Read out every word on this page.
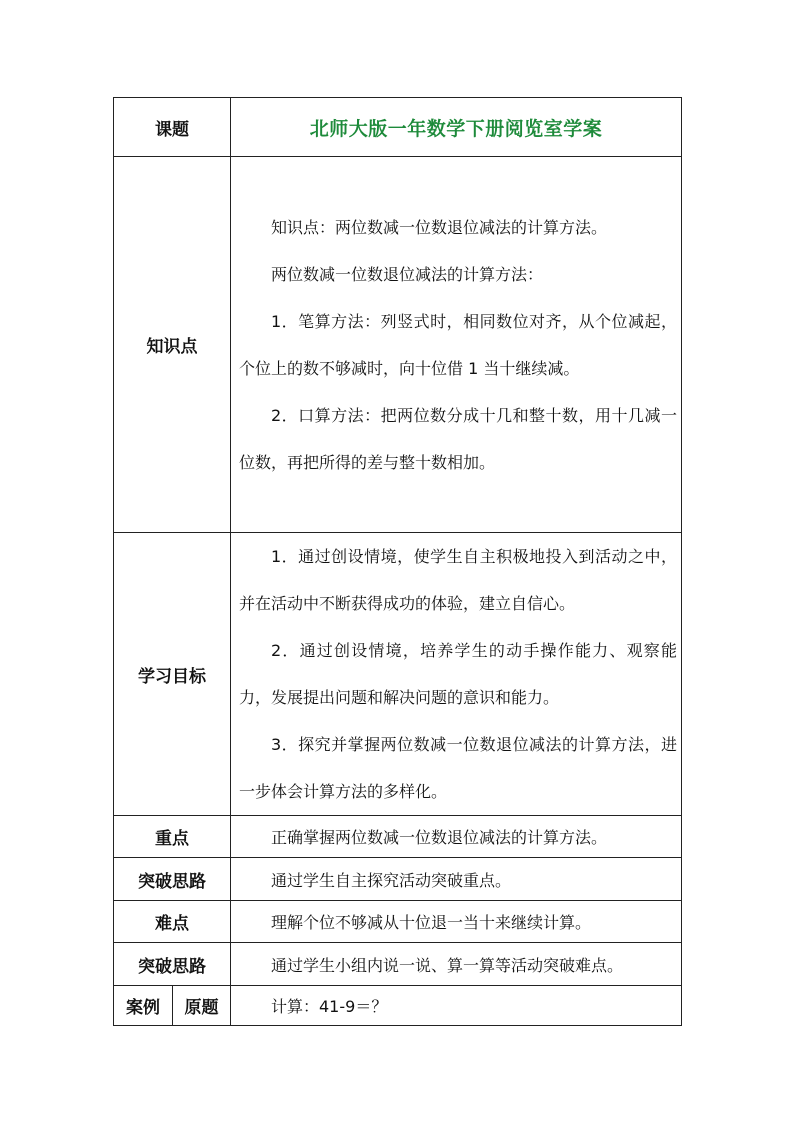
课题		北师大版一年数学下册阅览室学案
知识点		知识点：两位数减一位数退位减法的计算方法。

两位数减一位数退位减法的计算方法：

1．笔算方法：列竖式时，相同数位对齐，从个位减起，个位上的数不够减时，向十位借 1 当十继续减。

2．口算方法：把两位数分成十几和整十数，用十几减一位数，再把所得的差与整十数相加。

学习目标		1．通过创设情境，使学生自主积极地投入到活动之中，并在活动中不断获得成功的体验，建立自信心。

2．通过创设情境，培养学生的动手操作能力、观察能力，发展提出问题和解决问题的意识和能力。

3．探究并掌握两位数减一位数退位减法的计算方法，进一步体会计算方法的多样化。

重点		正确掌握两位数减一位数退位减法的计算方法。
突破思路		通过学生自主探究活动突破重点。
难点		理解个位不够减从十位退一当十来继续计算。
突破思路		通过学生小组内说一说、算一算等活动突破难点。
案例	原题	计算：41-9＝？
